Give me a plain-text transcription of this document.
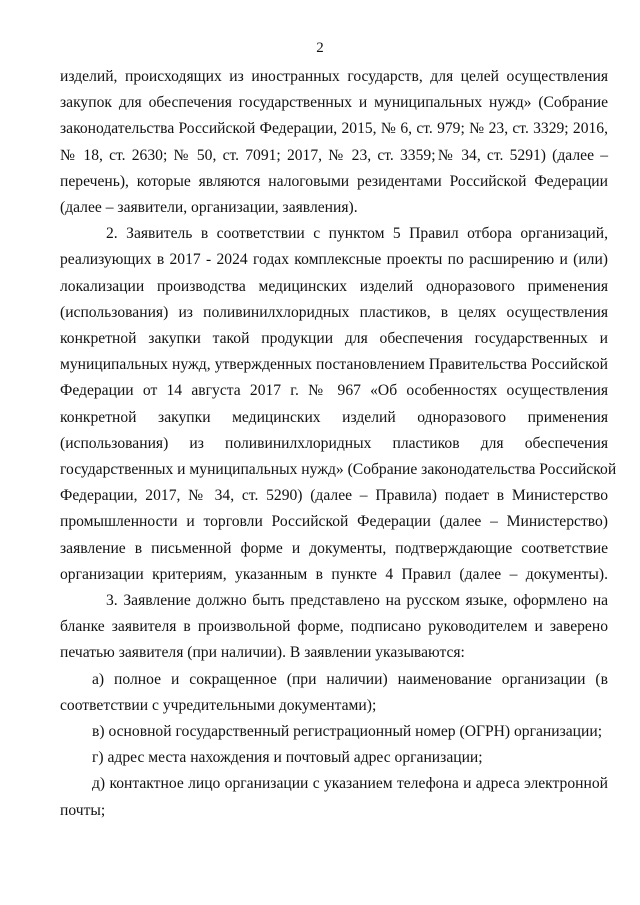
2

изделий, происходящих из иностранных государств, для целей осуществления
закупок для обеспечения государственных и муниципальных нужд» (Собрание
законодательства Российской Федерации, 2015, № 6, ст. 979; № 23, ст. 3329; 2016,
№ 18, ст. 2630; № 50, ст. 7091; 2017, № 23, ст. 3359;№ 34, ст. 5291) (далее –
перечень), которые являются налоговыми резидентами Российской Федерации
(далее – заявители, организации, заявления).

2. Заявитель в соответствии с пунктом 5 Правил отбора организаций,
реализующих в 2017 - 2024 годах комплексные проекты по расширению и (или)
локализации производства медицинских изделий одноразового применения
(использования) из поливинилхлоридных пластиков, в целях осуществления
конкретной закупки такой продукции для обеспечения государственных и
муниципальных нужд, утвержденных постановлением Правительства Российской
Федерации от 14 августа 2017 г. № 967 «Об особенностях осуществления
конкретной закупки медицинских изделий одноразового применения
(использования) из поливинилхлоридных пластиков для обеспечения
государственных и муниципальных нужд» (Собрание законодательства Российской
Федерации, 2017, № 34, ст. 5290) (далее – Правила) подает в Министерство
промышленности и торговли Российской Федерации (далее – Министерство)
заявление в письменной форме и документы, подтверждающие соответствие
организации критериям, указанным в пункте 4 Правил (далее – документы).

3. Заявление должно быть представлено на русском языке, оформлено на
бланке заявителя в произвольной форме, подписано руководителем и заверено
печатью заявителя (при наличии). В заявлении указываются:

а) полное и сокращенное (при наличии) наименование организации (в
соответствии с учредительными документами);

в) основной государственный регистрационный номер (ОГРН) организации;

г) адрес места нахождения и почтовый адрес организации;

д) контактное лицо организации с указанием телефона и адреса электронной
почты;
